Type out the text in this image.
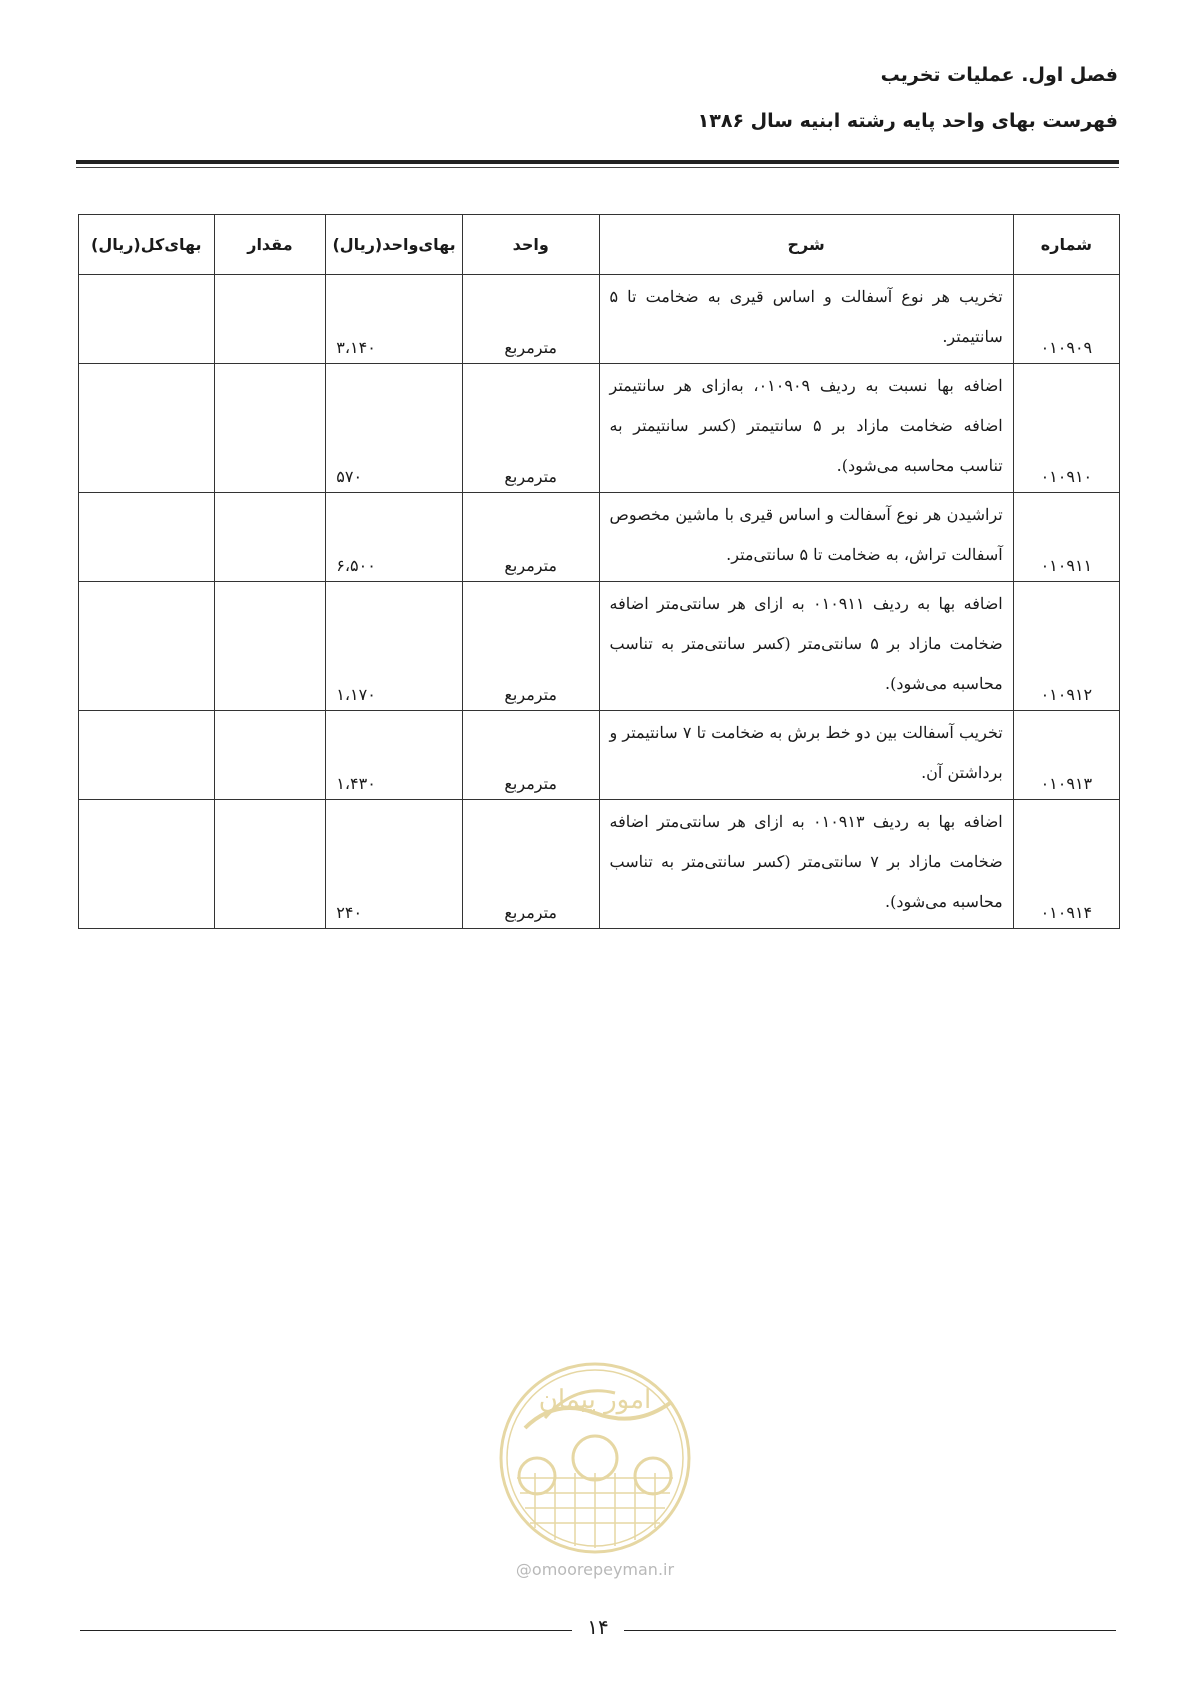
فصل اول. عملیات تخریب
فهرست بهای واحد پایه رشته ابنیه سال ۱۳۸۶
شماره	شرح	واحد	بهای‌واحد(ریال)	مقدار	بهای‌کل(ریال)
۰۱۰۹۰۹	تخریب هر نوع آسفالت و اساس قیری به ضخامت تا ۵ سانتیمتر.	مترمربع	۳،۱۴۰		
۰۱۰۹۱۰	اضافه بها نسبت به ردیف ۰۱۰۹۰۹، به‌ازای هر سانتیمتر اضافه ضخامت مازاد بر ۵ سانتیمتر (کسر سانتیمتر به تناسب محاسبه می‌شود).	مترمربع	۵۷۰		
۰۱۰۹۱۱	تراشیدن هر نوع آسفالت و اساس قیری با ماشین مخصوص آسفالت تراش، به ضخامت تا ۵ سانتی‌متر.	مترمربع	۶،۵۰۰		
۰۱۰۹۱۲	اضافه بها به ردیف ۰۱۰۹۱۱ به ازای هر سانتی‌متر اضافه ضخامت مازاد بر ۵ سانتی‌متر (کسر سانتی‌متر به تناسب محاسبه می‌شود).	مترمربع	۱،۱۷۰		
۰۱۰۹۱۳	تخریب آسفالت بین دو خط برش به ضخامت تا ۷ سانتیمتر و برداشتن آن.	مترمربع	۱،۴۳۰		
۰۱۰۹۱۴	اضافه بها به ردیف ۰۱۰۹۱۳ به ازای هر سانتی‌متر اضافه ضخامت مازاد بر ۷ سانتی‌متر (کسر سانتی‌متر به تناسب محاسبه می‌شود).	مترمربع	۲۴۰		
امور پیمان
@omoorepeyman.ir
۱۴
